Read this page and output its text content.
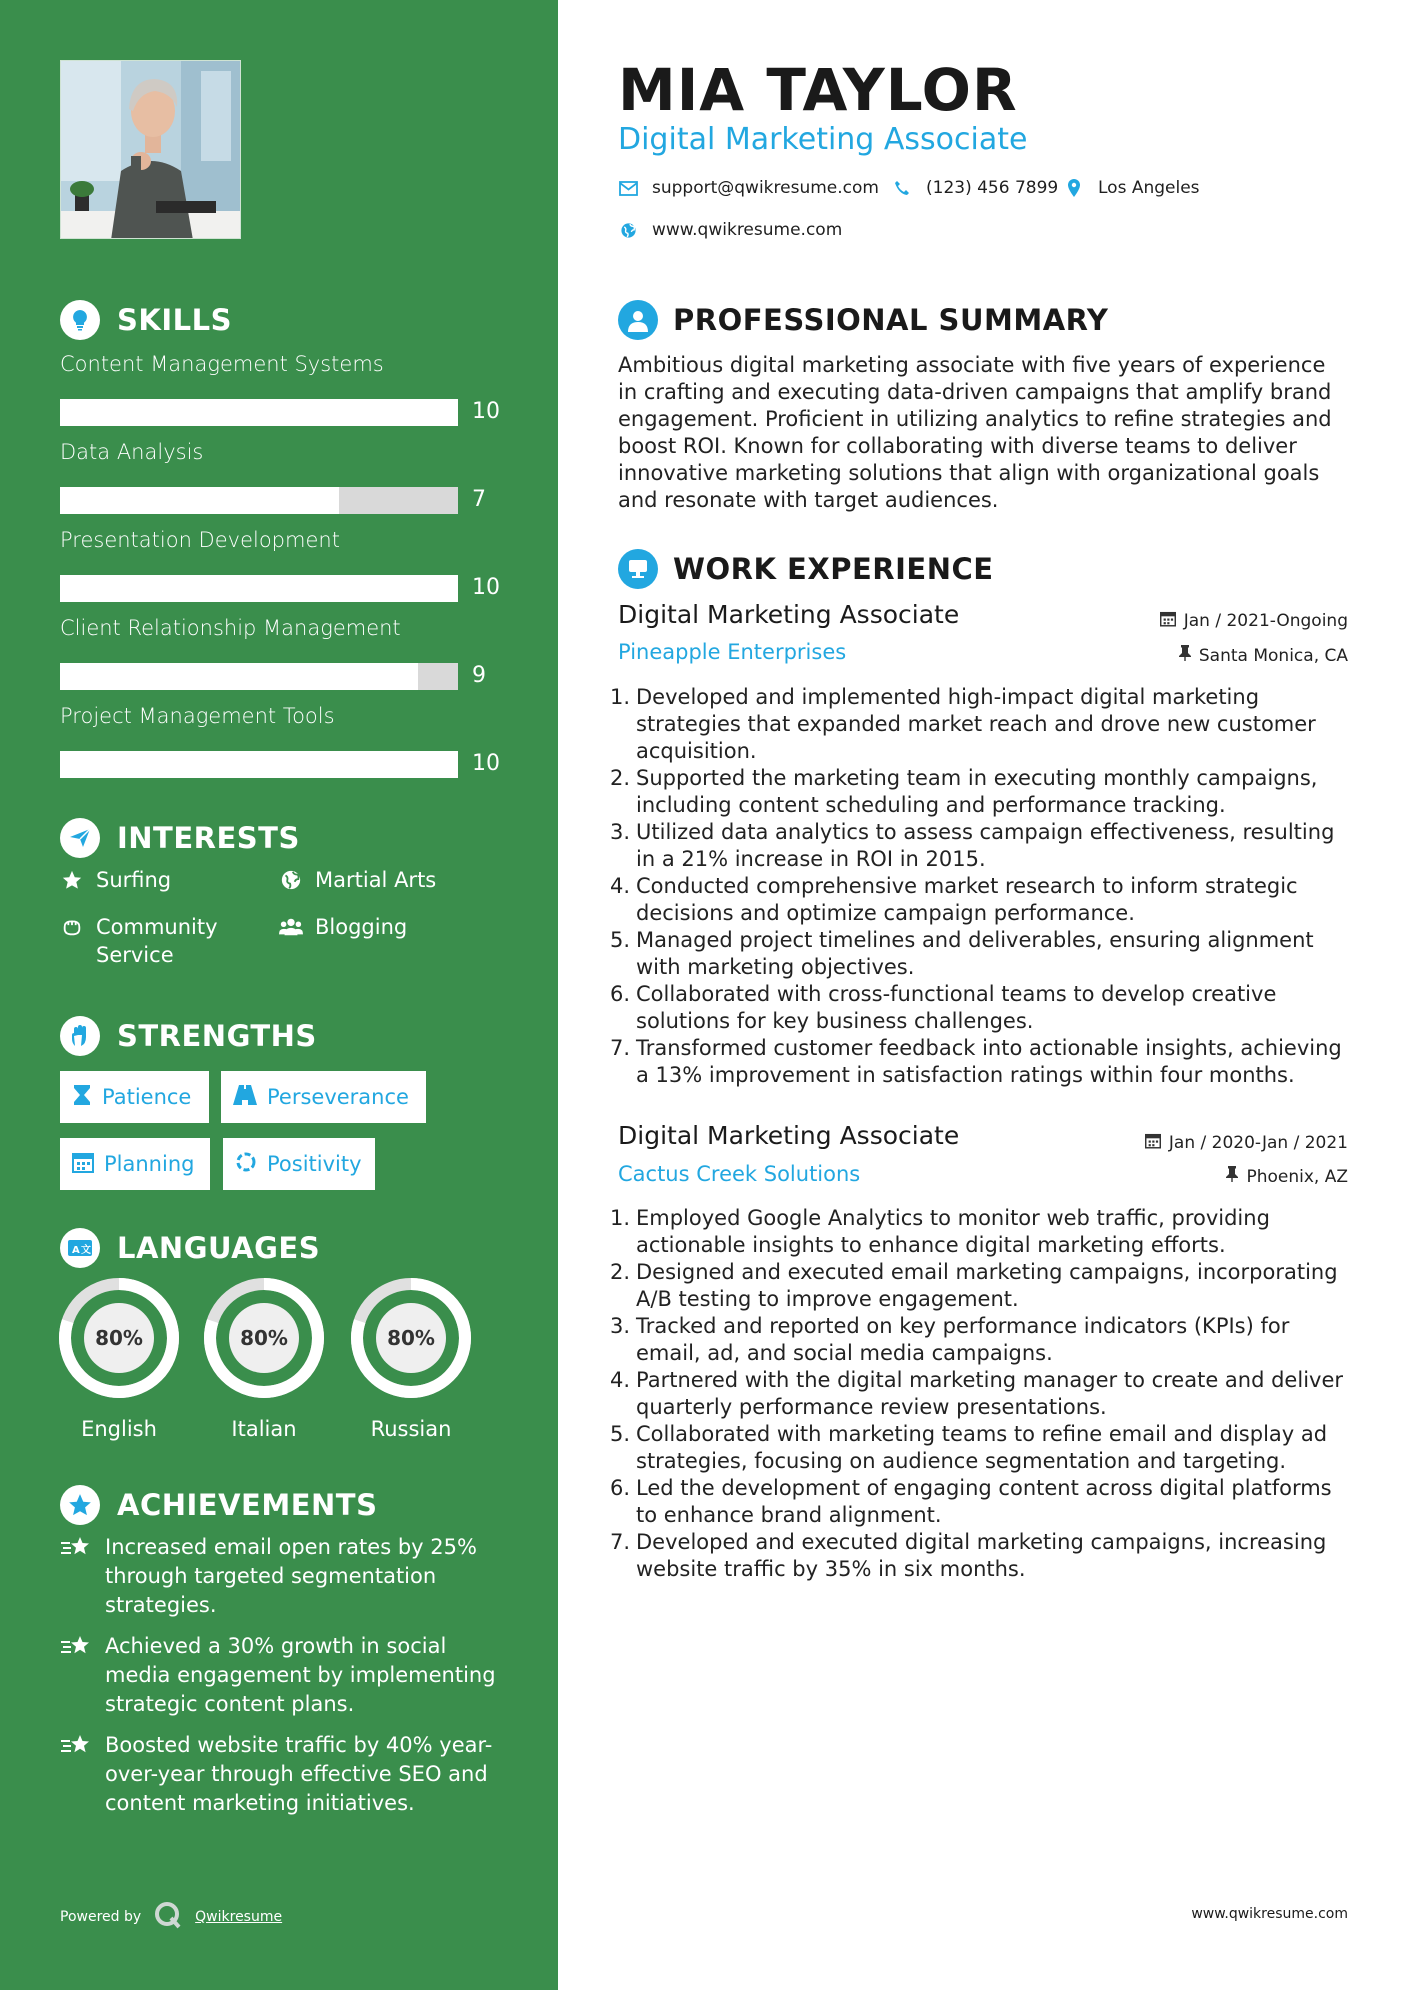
SKILLS
Content Management Systems
10
Data Analysis
7
Presentation Development
10
Client Relationship Management
9
Project Management Tools
10
INTERESTS
Surfing	Martial Arts
Community Service
Blogging
STRENGTHS
Patience	Perseverance
Planning	Positivity
A 文 LANGUAGES
80%
English
80%
Italian
80%
Russian
ACHIEVEMENTS
Increased email open rates by 25% through targeted segmentation strategies.
Achieved a 30% growth in social media engagement by implementing strategic content plans.
Boosted website traffic by 40% year-over-year through effective SEO and content marketing initiatives.
Powered by	Qwikresume
MIA TAYLOR
Digital Marketing Associate
support@qwikresume.com	(123) 456 7899 Los Angeles
www.qwikresume.com
PROFESSIONAL SUMMARY

Ambitious digital marketing associate with five years of experience in crafting and executing data-driven campaigns that amplify brand engagement. Proficient in utilizing analytics to refine strategies and boost ROI. Known for collaborating with diverse teams to deliver innovative marketing solutions that align with organizational goals and resonate with target audiences.

WORK EXPERIENCE
Digital Marketing Associate	Jan / 2021-Ongoing
Pineapple Enterprises	Santa Monica, CA
1. Developed and implemented high-impact digital marketing strategies that expanded market reach and drove new customer acquisition.
2. Supported the marketing team in executing monthly campaigns, including content scheduling and performance tracking.
3. Utilized data analytics to assess campaign effectiveness, resulting in a 21% increase in ROI in 2015.
4. Conducted comprehensive market research to inform strategic decisions and optimize campaign performance.
5. Managed project timelines and deliverables, ensuring alignment with marketing objectives.
6. Collaborated with cross-functional teams to develop creative solutions for key business challenges.
7. Transformed customer feedback into actionable insights, achieving a 13% improvement in satisfaction ratings within four months.
Digital Marketing Associate	Jan / 2020-Jan / 2021
Cactus Creek Solutions	Phoenix, AZ
1. Employed Google Analytics to monitor web traffic, providing actionable insights to enhance digital marketing efforts.
2. Designed and executed email marketing campaigns, incorporating A/B testing to improve engagement.
3. Tracked and reported on key performance indicators (KPIs) for email, ad, and social media campaigns.
4. Partnered with the digital marketing manager to create and deliver quarterly performance review presentations.
5. Collaborated with marketing teams to refine email and display ad strategies, focusing on audience segmentation and targeting.
6. Led the development of engaging content across digital platforms to enhance brand alignment.
7. Developed and executed digital marketing campaigns, increasing website traffic by 35% in six months.
www.qwikresume.com
